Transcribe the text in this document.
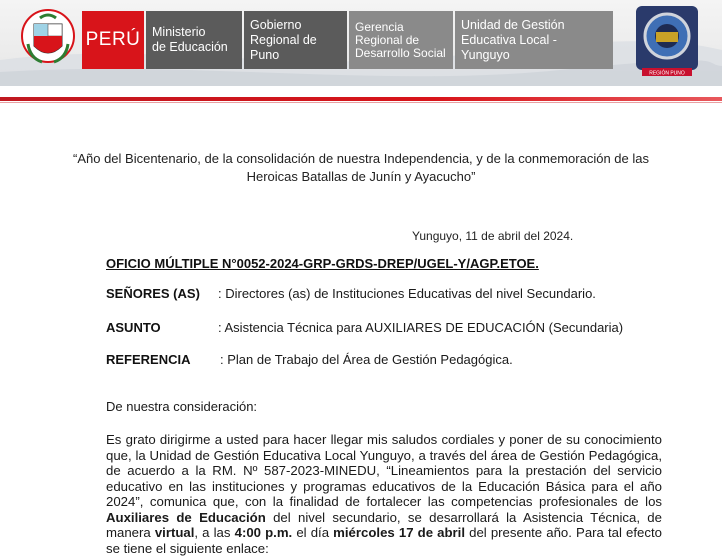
PERÚ Ministerio
de Educación
Gobierno
Regional de Puno
Gerencia
Regional de
Desarrollo Social
Unidad de Gestión
Educativa Local - Yunguyo
REGIÓN PUNO
“Año del Bicentenario, de la consolidación de nuestra Independencia, y de la conmemoración de las Heroicas Batallas de Junín y Ayacucho”
Yunguyo, 11 de abril del 2024.
OFICIO MÚLTIPLE N°0052-2024-GRP-GRDS-DREP/UGEL-Y/AGP.ETOE.
SEÑORES (AS) : Directores (as) de Instituciones Educativas del nivel Secundario.
ASUNTO	: Asistencia Técnica para AUXILIARES DE EDUCACIÓN (Secundaria)
REFERENCIA : Plan de Trabajo del Área de Gestión Pedagógica.
De nuestra consideración:
Es grato dirigirme a usted para hacer llegar mis saludos cordiales y poner de su conocimiento que, la Unidad de Gestión Educativa Local Yunguyo, a través del área de Gestión Pedagógica, de acuerdo a la RM. Nº 587-2023-MINEDU, “Lineamientos para la prestación del servicio educativo en las instituciones y programas educativos de la Educación Básica para el año 2024”, comunica que, con la finalidad de fortalecer las competencias profesionales de los Auxiliares de Educación del nivel secundario, se desarrollará la Asistencia Técnica, de manera virtual, a las 4:00 p.m. el día miércoles 17 de abril del presente año. Para tal efecto se tiene el siguiente enlace:
